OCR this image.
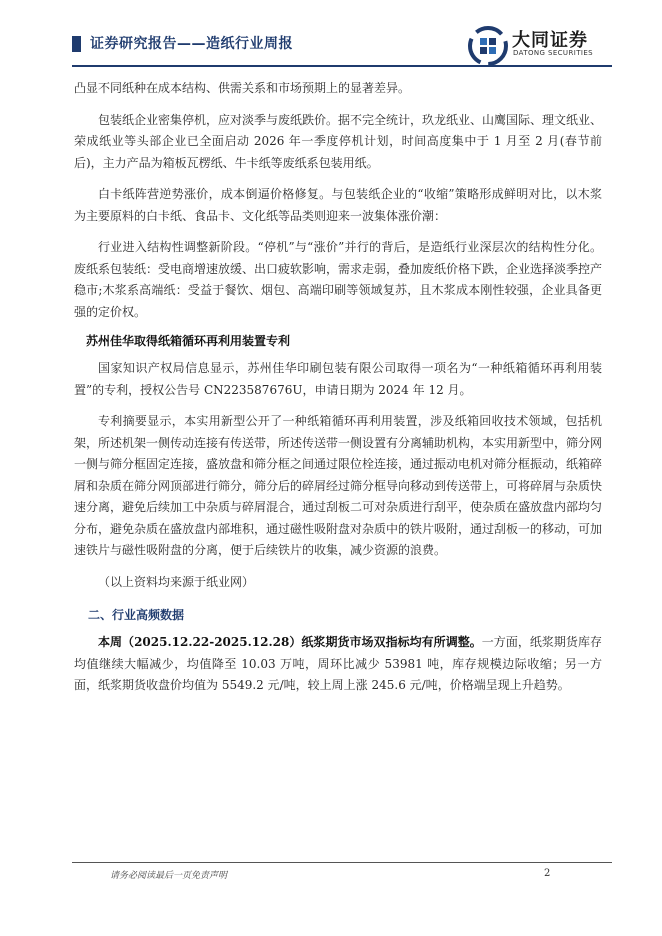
证券研究报告——造纸行业周报	大同证券
DATONG SECURITIES

凸显不同纸种在成本结构、供需关系和市场预期上的显著差异。

包装纸企业密集停机，应对淡季与废纸跌价。据不完全统计，玖龙纸业、山鹰国际、理文纸业、荣成纸业等头部企业已全面启动 2026 年一季度停机计划，时间高度集中于 1 月至 2 月(春节前后)，主力产品为箱板瓦楞纸、牛卡纸等废纸系包装用纸。

白卡纸阵营逆势涨价，成本倒逼价格修复。与包装纸企业的“收缩”策略形成鲜明对比，以木浆为主要原料的白卡纸、食品卡、文化纸等品类则迎来一波集体涨价潮：

行业进入结构性调整新阶段。“停机”与“涨价”并行的背后，是造纸行业深层次的结构性分化。废纸系包装纸：受电商增速放缓、出口疲软影响，需求走弱，叠加废纸价格下跌，企业选择淡季控产稳市;木浆系高端纸：受益于餐饮、烟包、高端印刷等领域复苏，且木浆成本刚性较强，企业具备更强的定价权。

苏州佳华取得纸箱循环再利用装置专利

国家知识产权局信息显示，苏州佳华印刷包装有限公司取得一项名为“一种纸箱循环再利用装置”的专利，授权公告号 CN223587676U，申请日期为 2024 年 12 月。

专利摘要显示，本实用新型公开了一种纸箱循环再利用装置，涉及纸箱回收技术领域，包括机架，所述机架一侧传动连接有传送带，所述传送带一侧设置有分离辅助机构，本实用新型中，筛分网一侧与筛分框固定连接，盛放盘和筛分框之间通过限位栓连接，通过振动电机对筛分框振动，纸箱碎屑和杂质在筛分网顶部进行筛分，筛分后的碎屑经过筛分框导向移动到传送带上，可将碎屑与杂质快速分离，避免后续加工中杂质与碎屑混合，通过刮板二可对杂质进行刮平，使杂质在盛放盘内部均匀分布，避免杂质在盛放盘内部堆积，通过磁性吸附盘对杂质中的铁片吸附，通过刮板一的移动，可加速铁片与磁性吸附盘的分离，便于后续铁片的收集，减少资源的浪费。

（以上资料均来源于纸业网）

二、行业高频数据

本周（2025.12.22-2025.12.28）纸浆期货市场双指标均有所调整。一方面，纸浆期货库存均值继续大幅减少，均值降至 10.03 万吨，周环比减少 53981 吨，库存规模边际收缩；另一方面，纸浆期货收盘价均值为 5549.2 元/吨，较上周上涨 245.6 元/吨，价格端呈现上升趋势。

请务必阅读最后一页免责声明	2
